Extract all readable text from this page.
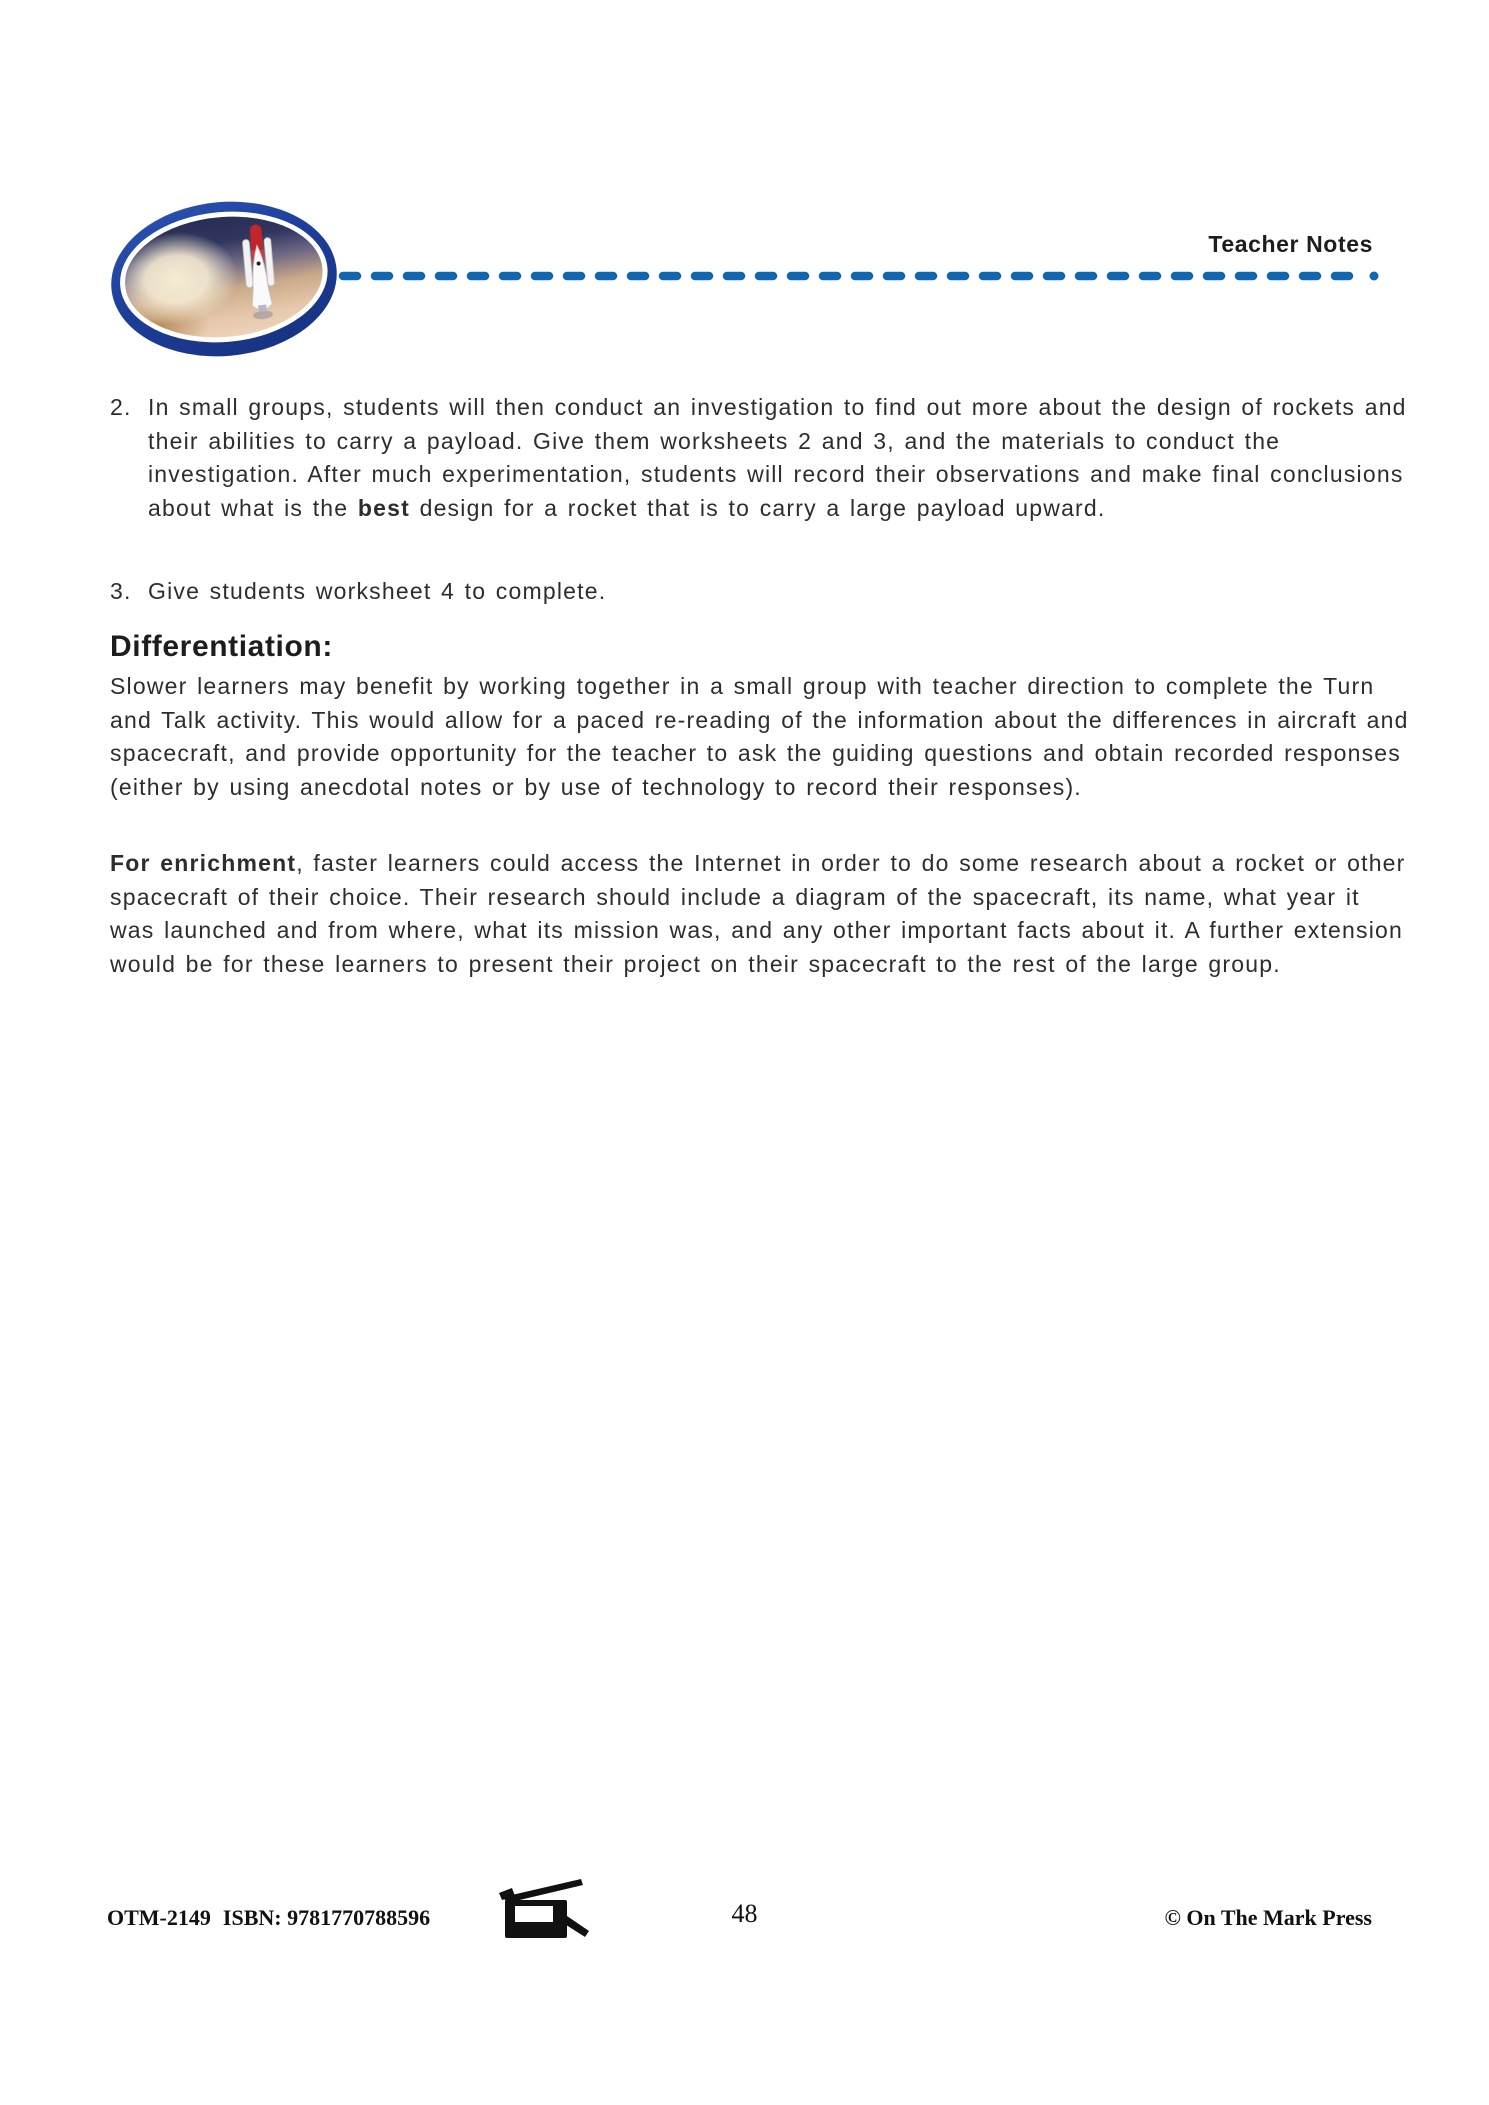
Teacher Notes
2. In small groups, students will then conduct an investigation to find out more about the design of rockets and their abilities to carry a payload. Give them worksheets 2 and 3, and the materials to conduct the investigation. After much experimentation, students will record their observations and make final conclusions about what is the best design for a rocket that is to carry a large payload upward.
3. Give students worksheet 4 to complete.
Differentiation:

Slower learners may benefit by working together in a small group with teacher direction to complete the Turn and Talk activity. This would allow for a paced re-reading of the information about the differences in aircraft and spacecraft, and provide opportunity for the teacher to ask the guiding questions and obtain recorded responses (either by using anecdotal notes or by use of technology to record their responses).

For enrichment, faster learners could access the Internet in order to do some research about a rocket or other spacecraft of their choice. Their research should include a diagram of the spacecraft, its name, what year it was launched and from where, what its mission was, and any other important facts about it. A further extension would be for these learners to present their project on their spacecraft to the rest of the large group.

OTM-2149 ISBN: 9781770788596	48	© On The Mark Press
